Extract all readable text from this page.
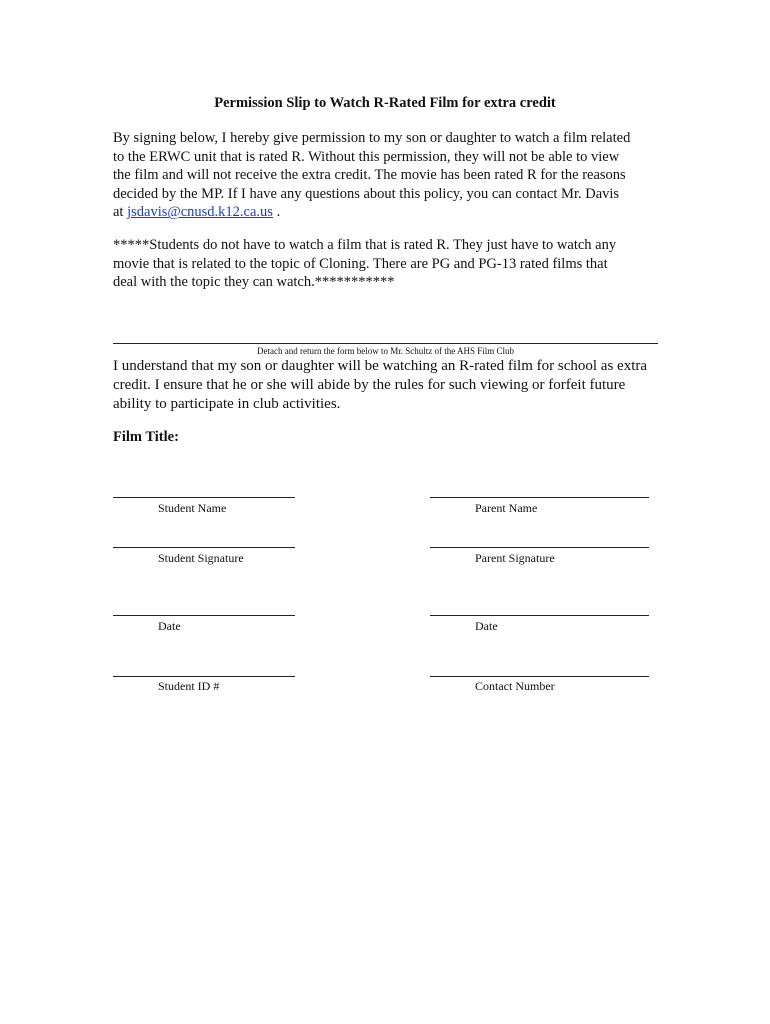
Permission Slip to Watch R-Rated Film for extra credit

By signing below, I hereby give permission to my son or daughter to watch a film related
to the ERWC unit that is rated R. Without this permission, they will not be able to view
the film and will not receive the extra credit. The movie has been rated R for the reasons
decided by the MP. If I have any questions about this policy, you can contact Mr. Davis
at jsdavis@cnusd.k12.ca.us .

*****Students do not have to watch a film that is rated R. They just have to watch any
movie that is related to the topic of Cloning. There are PG and PG-13 rated films that
deal with the topic they can watch.***********

Detach and return the form below to Mr. Schultz of the AHS Film Club
I understand that my son or daughter will be watching an R-rated film for school as extra
credit. I ensure that he or she will abide by the rules for such viewing or forfeit future
ability to participate in club activities.
Film Title:
Student Name	Parent Name
Student Signature	Parent Signature
Date	Date
Student ID #	Contact Number
